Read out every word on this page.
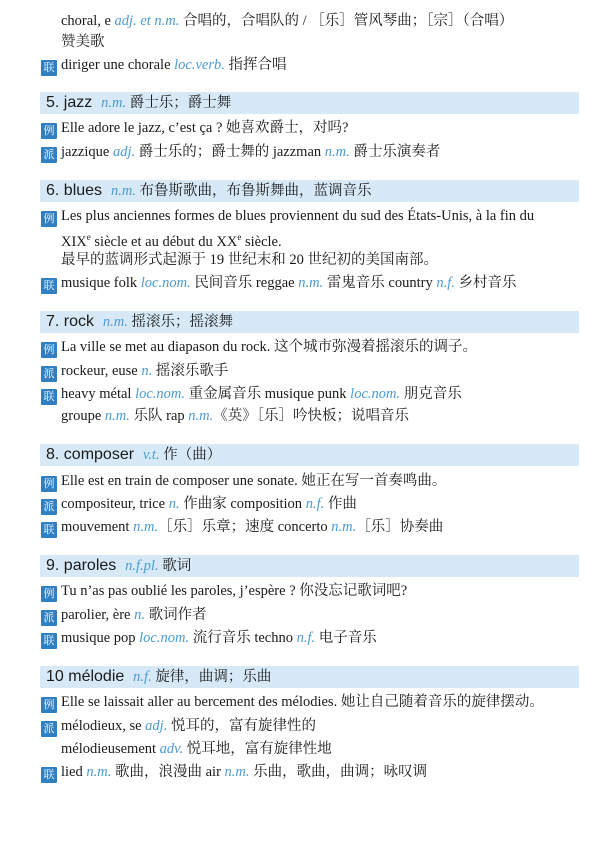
choral, e adj. et n.m. 合唱的，合唱队的 / ［乐］管风琴曲；［宗］（合唱）
赞美歌
联 diriger une chorale loc.verb. 指挥合唱
5. jazz n.m. 爵士乐；爵士舞
例 Elle adore le jazz, c’est ça ? 她喜欢爵士，对吗?
派 jazzique adj. 爵士乐的；爵士舞的 jazzman n.m. 爵士乐演奏者
6. blues n.m. 布鲁斯歌曲，布鲁斯舞曲，蓝调音乐
例 Les plus anciennes formes de blues proviennent du sud des États-Unis, à la fin du
XIXe siècle et au début du XXe siècle.
最早的蓝调形式起源于 19 世纪末和 20 世纪初的美国南部。
联 musique folk loc.nom. 民间音乐 reggae n.m. 雷鬼音乐 country n.f. 乡村音乐
7. rock n.m. 摇滚乐；摇滚舞
例 La ville se met au diapason du rock. 这个城市弥漫着摇滚乐的调子。
派 rockeur, euse n. 摇滚乐歌手
联 heavy métal loc.nom. 重金属音乐 musique punk loc.nom. 朋克音乐
groupe n.m. 乐队 rap n.m.《英》［乐］吟快板；说唱音乐
8. composer v.t. 作（曲）
例 Elle est en train de composer une sonate. 她正在写一首奏鸣曲。
派 compositeur, trice n. 作曲家 composition n.f. 作曲
联 mouvement n.m.［乐］乐章；速度 concerto n.m.［乐］协奏曲
9. paroles n.f.pl. 歌词
例 Tu n’as pas oublié les paroles, j’espère ? 你没忘记歌词吧?
派 parolier, ère n. 歌词作者
联 musique pop loc.nom. 流行音乐 techno n.f. 电子音乐
10 mélodie n.f. 旋律，曲调；乐曲
例 Elle se laissait aller au bercement des mélodies. 她让自己随着音乐的旋律摆动。
派 mélodieux, se adj. 悦耳的，富有旋律性的
mélodieusement adv. 悦耳地，富有旋律性地
联 lied n.m. 歌曲，浪漫曲 air n.m. 乐曲，歌曲，曲调；咏叹调
